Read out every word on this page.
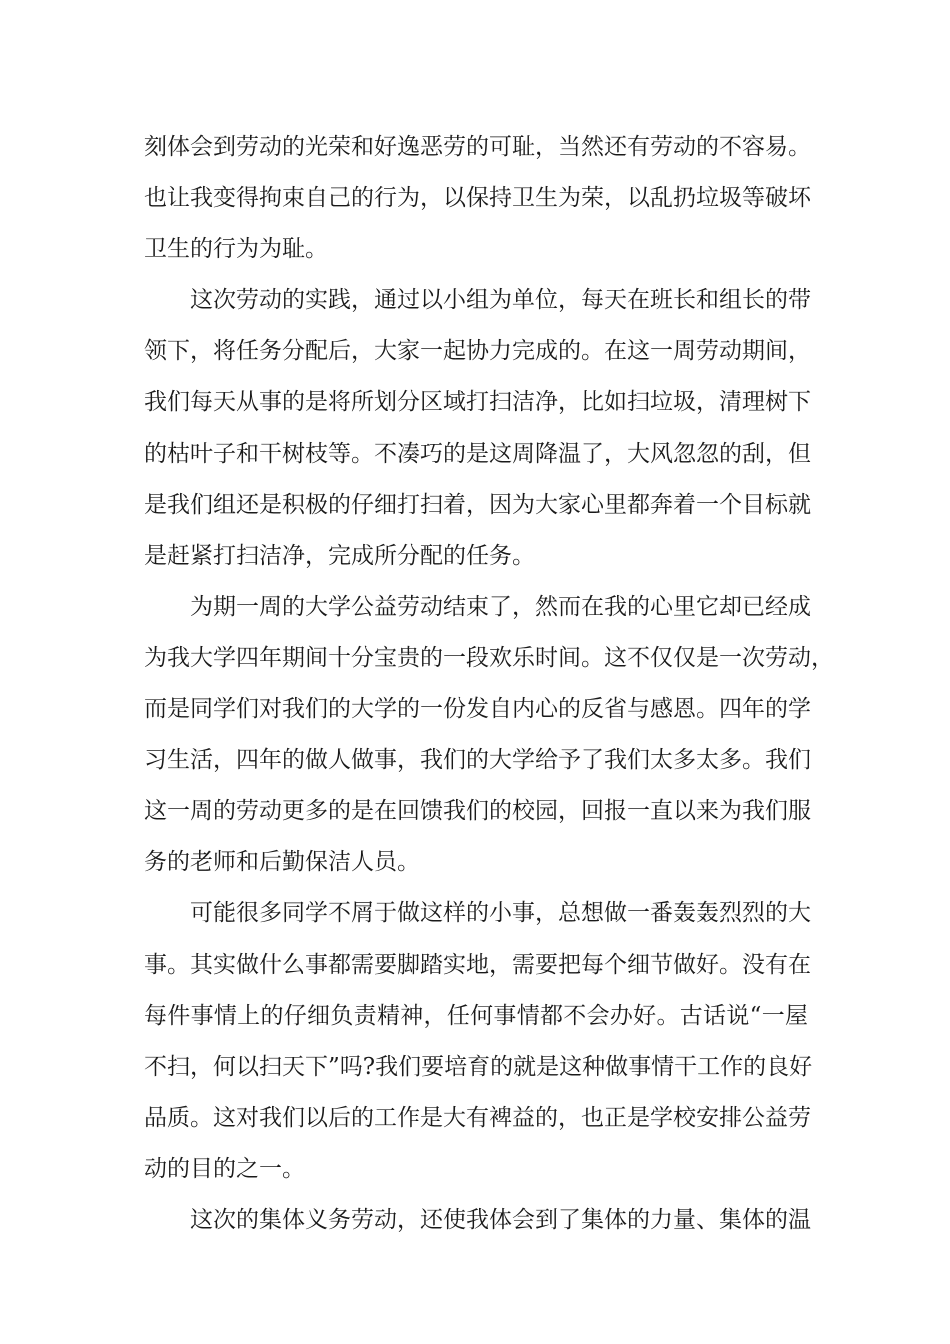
刻体会到劳动的光荣和好逸恶劳的可耻，当然还有劳动的不容易。
也让我变得拘束自己的行为，以保持卫生为荣，以乱扔垃圾等破坏
卫生的行为为耻。
这次劳动的实践，通过以小组为单位，每天在班长和组长的带
领下，将任务分配后，大家一起协力完成的。在这一周劳动期间，
我们每天从事的是将所划分区域打扫洁净，比如扫垃圾，清理树下
的枯叶子和干树枝等。不凑巧的是这周降温了，大风忽忽的刮，但
是我们组还是积极的仔细打扫着，因为大家心里都奔着一个目标就
是赶紧打扫洁净，完成所分配的任务。
为期一周的大学公益劳动结束了，然而在我的心里它却已经成
为我大学四年期间十分宝贵的一段欢乐时间。这不仅仅是一次劳动，
而是同学们对我们的大学的一份发自内心的反省与感恩。四年的学
习生活，四年的做人做事，我们的大学给予了我们太多太多。我们
这一周的劳动更多的是在回馈我们的校园，回报一直以来为我们服
务的老师和后勤保洁人员。
可能很多同学不屑于做这样的小事，总想做一番轰轰烈烈的大
事。其实做什么事都需要脚踏实地，需要把每个细节做好。没有在
每件事情上的仔细负责精神，任何事情都不会办好。古话说“一屋
不扫，何以扫天下”吗?我们要培育的就是这种做事情干工作的良好
品质。这对我们以后的工作是大有裨益的，也正是学校安排公益劳
动的目的之一。
这次的集体义务劳动，还使我体会到了集体的力量、集体的温
